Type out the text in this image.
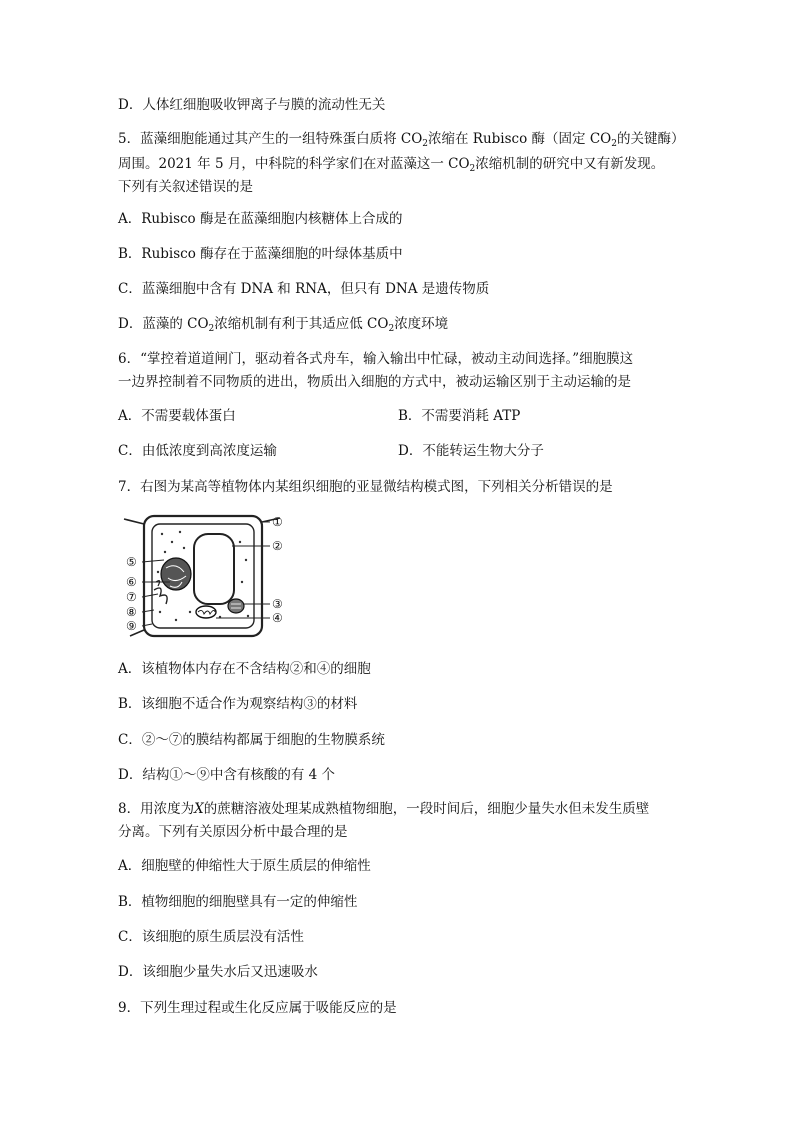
D．人体红细胞吸收钾离子与膜的流动性无关
5．蓝藻细胞能通过其产生的一组特殊蛋白质将 $CO_2$浓缩在 Rubisco 酶（固定 $CO_2$的关键酶）
周围。2021 年 5 月，中科院的科学家们在对蓝藻这一 $CO_2$浓缩机制的研究中又有新发现。
下列有关叙述错误的是
A．Rubisco 酶是在蓝藻细胞内核糖体上合成的
B．Rubisco 酶存在于蓝藻细胞的叶绿体基质中
C．蓝藻细胞中含有 DNA 和 RNA，但只有 DNA 是遗传物质
D．蓝藻的 $CO_2$浓缩机制有利于其适应低 $CO_2$浓度环境
6．“掌控着道道闸门，驱动着各式舟车，输入输出中忙碌，被动主动间选择。”细胞膜这
一边界控制着不同物质的进出，物质出入细胞的方式中，被动运输区别于主动运输的是
A．不需要载体蛋白	B．不需要消耗 ATP
C．由低浓度到高浓度运输	D．不能转运生物大分子
7．右图为某高等植物体内某组织细胞的亚显微结构模式图，下列相关分析错误的是
①
②
③
④
⑤
⑥
⑦
⑧
⑨
A．该植物体内存在不含结构②和④的细胞
B．该细胞不适合作为观察结构③的材料
C．②～⑦的膜结构都属于细胞的生物膜系统
D．结构①～⑨中含有核酸的有 4 个
8．用浓度为X的蔗糖溶液处理某成熟植物细胞，一段时间后，细胞少量失水但未发生质壁
分离。下列有关原因分析中最合理的是
A．细胞壁的伸缩性大于原生质层的伸缩性
B．植物细胞的细胞壁具有一定的伸缩性
C．该细胞的原生质层没有活性
D．该细胞少量失水后又迅速吸水
9．下列生理过程或生化反应属于吸能反应的是
